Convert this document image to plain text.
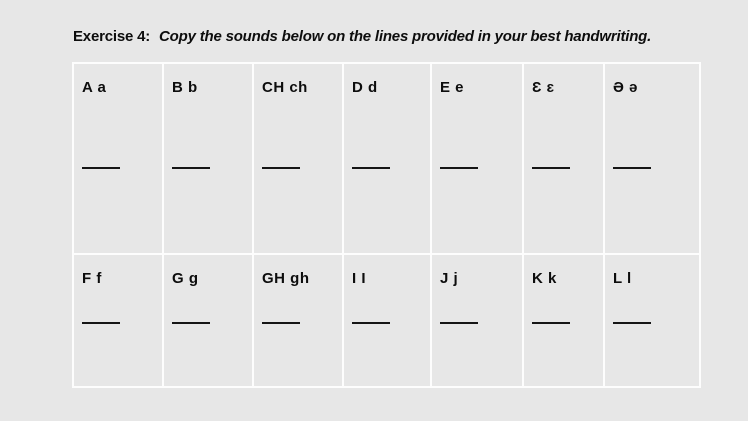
Exercise 4: Copy the sounds below on the lines provided in your best handwriting.
A a	B b	CH ch	D d	E e	Ɛ ɛ	Ə ə
F f	G g	GH gh	I I	J j	K k	L l
